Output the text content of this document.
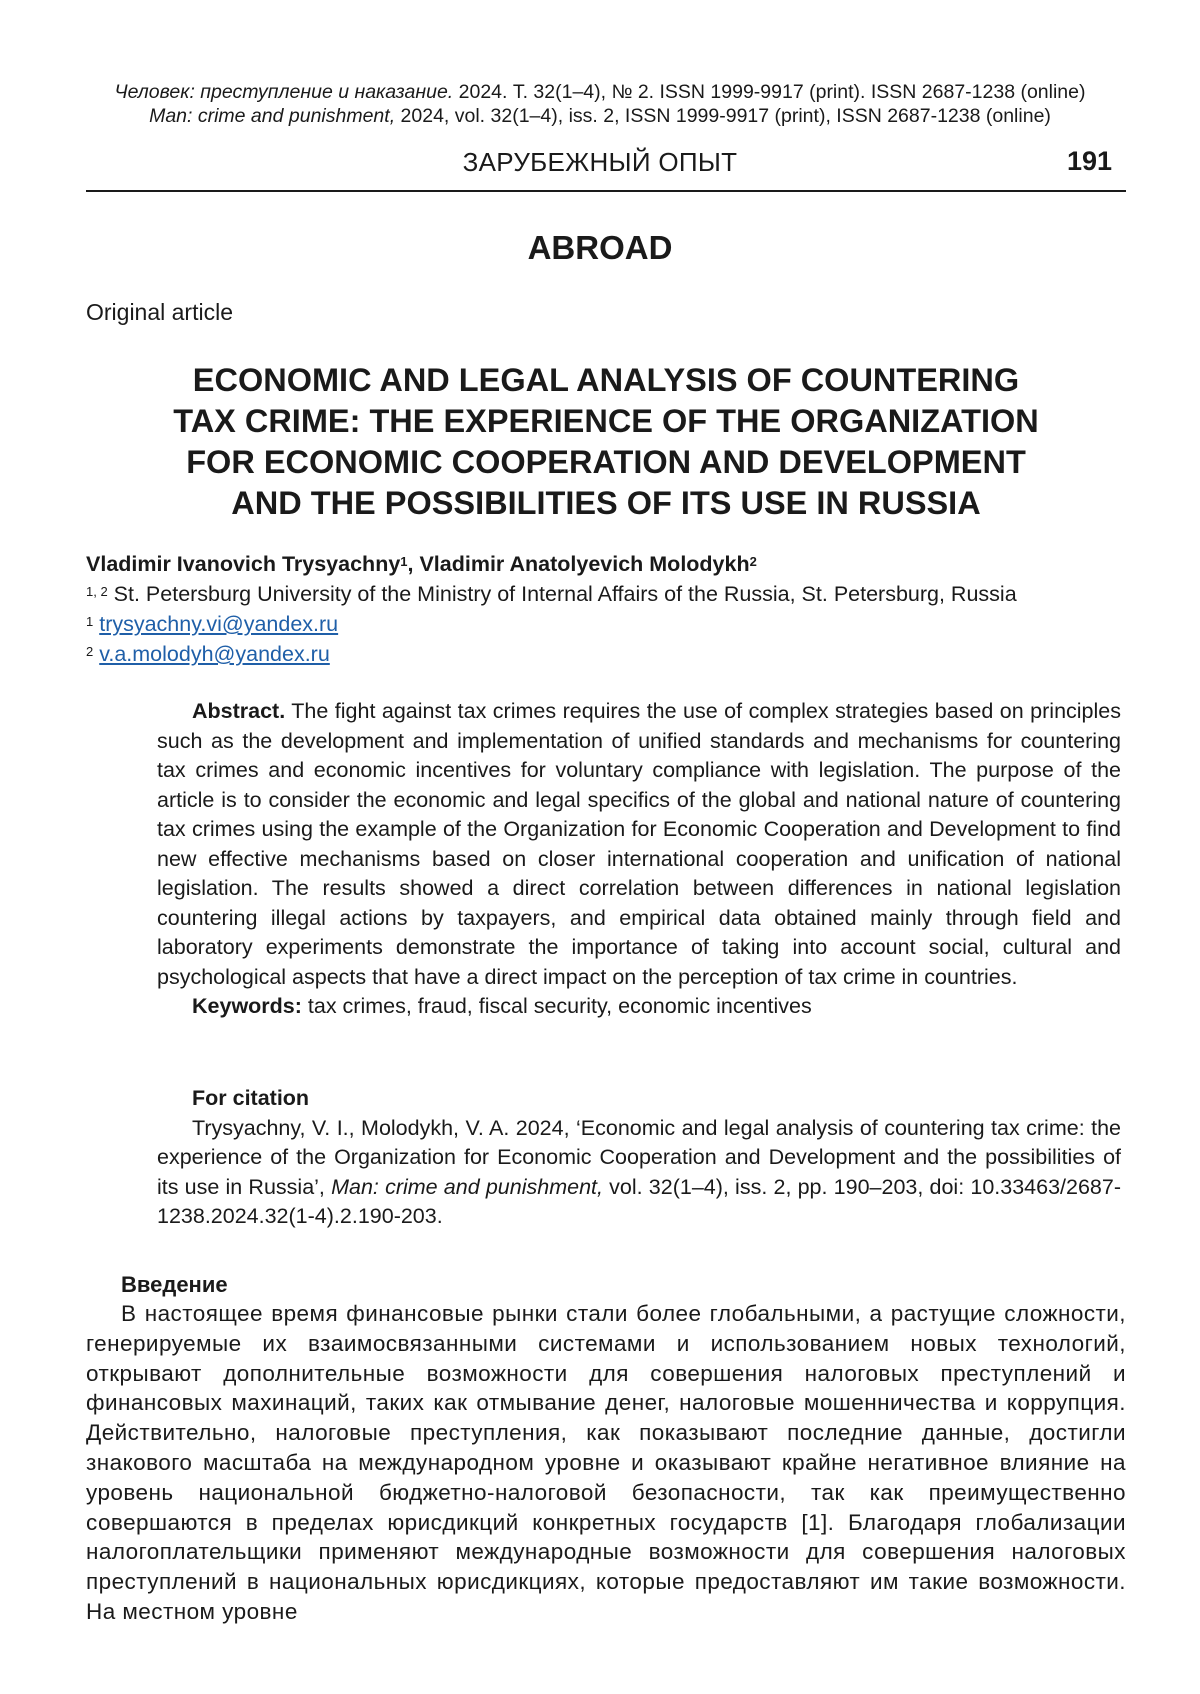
Человек: преступление и наказание. 2024. Т. 32(1–4), № 2. ISSN 1999-9917 (print). ISSN 2687-1238 (online)
Man: crime and punishment, 2024, vol. 32(1–4), iss. 2, ISSN 1999-9917 (print), ISSN 2687-1238 (online)
ЗАРУБЕЖНЫЙ ОПЫТ	191
ABROAD
Original article
ECONOMIC AND LEGAL ANALYSIS OF COUNTERING
TAX CRIME: THE EXPERIENCE OF THE ORGANIZATION
FOR ECONOMIC COOPERATION AND DEVELOPMENT
AND THE POSSIBILITIES OF ITS USE IN RUSSIA
Vladimir Ivanovich Trysyachny$^1$, Vladimir Anatolyevich Molodykh$^2$
$^{1, 2}$ St. Petersburg University of the Ministry of Internal Affairs of the Russia, St. Petersburg, Russia
$^1$ trysyachny.vi@yandex.ru
$^2$ v.a.molodyh@yandex.ru

Abstract. The fight against tax crimes requires the use of complex strategies based on principles such as the development and implementation of unified standards and mechanisms for countering tax crimes and economic incentives for voluntary compliance with legislation. The purpose of the article is to consider the economic and legal specifics of the global and national nature of countering tax crimes using the example of the Organization for Economic Cooperation and Development to find new effective mechanisms based on closer international cooperation and unification of national legislation. The results showed a direct correlation between differences in national legislation countering illegal actions by taxpayers, and empirical data obtained mainly through field and laboratory experiments demonstrate the importance of taking into account social, cultural and psychological aspects that have a direct impact on the perception of tax crime in countries.

Keywords: tax crimes, fraud, fiscal security, economic incentives

For citation

Trysyachny, V. I., Molodykh, V. A. 2024, ‘Economic and legal analysis of countering tax crime: the experience of the Organization for Economic Cooperation and Development and the possibilities of its use in Russia’, Man: crime and punishment, vol. 32(1–4), iss. 2, pp. 190–203, doi: 10.33463/2687-1238.2024.32(1-4).2.190-203.

Введение

В настоящее время финансовые рынки стали более глобальными, а растущие сложности, генерируемые их взаимосвязанными системами и использованием новых технологий, открывают дополнительные возможности для совершения налоговых преступлений и финансовых махинаций, таких как отмывание денег, налоговые мошенничества и коррупция. Действительно, налоговые преступления, как показывают последние данные, достигли знакового масштаба на международном уровне и оказывают крайне негативное влияние на уровень национальной бюджетно-налоговой безопасности, так как преимущественно совершаются в пределах юрисдикций конкретных государств [1]. Благодаря глобализации налогоплательщики применяют международные возможности для совершения налоговых преступлений в национальных юрисдикциях, которые предоставляют им такие возможности. На местном уровне
